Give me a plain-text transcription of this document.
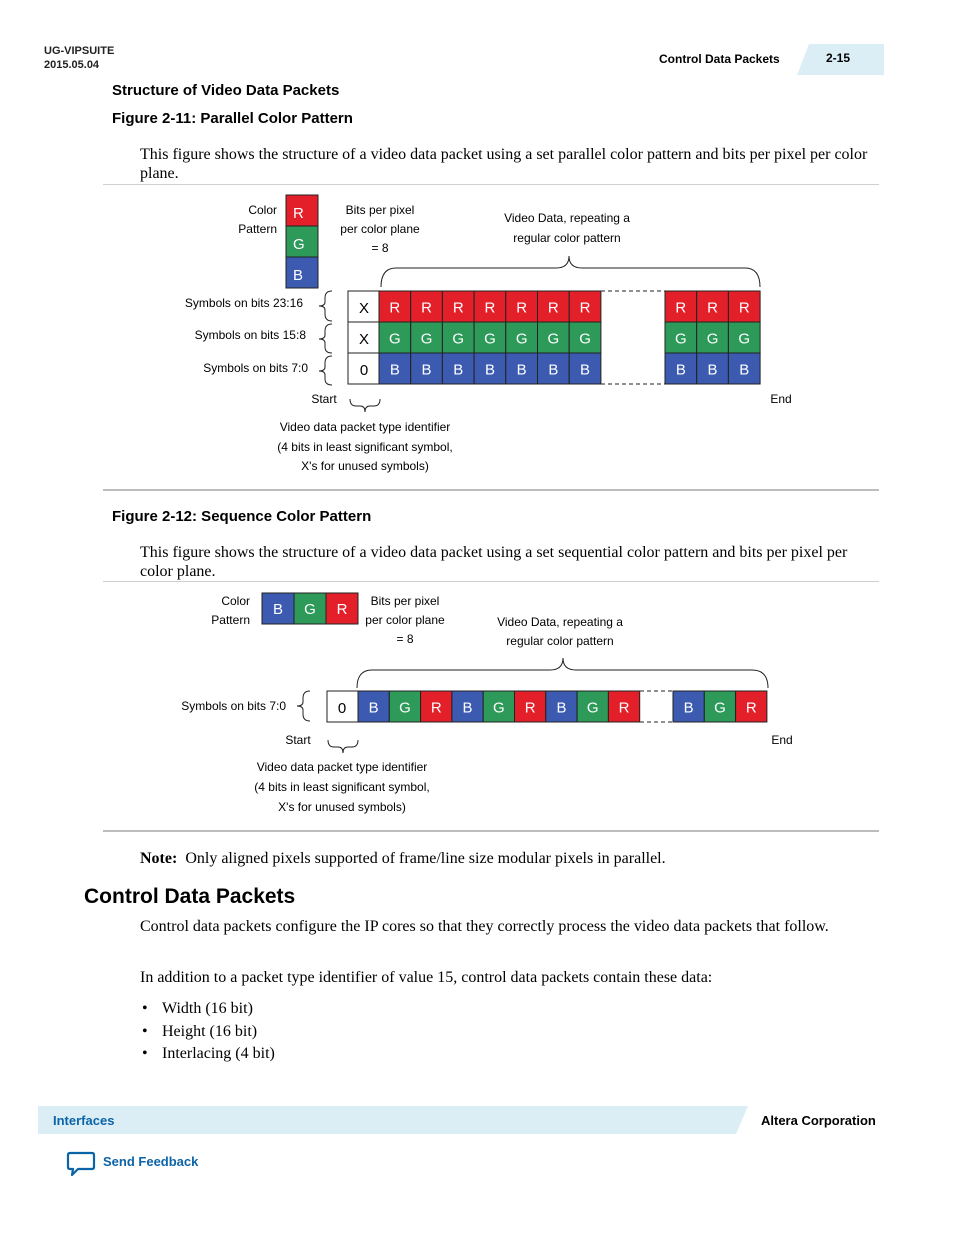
UG-VIPSUITE
2015.05.04	Control Data Packets	2-15
Structure of Video Data Packets
Figure 2-11: Parallel Color Pattern
This figure shows the structure of a video data packet using a set parallel color pattern and bits per pixel per color plane.
Color
Pattern
R
G
B
Bits per pixel
per color plane
= 8
Video Data, repeating a
regular color pattern
Symbols on bits 23:16
Symbols on bits 15:8
Symbols on bits 7:0
X
X
0
R R R R R R R	R R R
G G G G G G G	G G G
B B B B B B B	B B B
Start	End
Video data packet type identifier
(4 bits in least significant symbol,
X's for unused symbols)
Figure 2-12: Sequence Color Pattern
This figure shows the structure of a video data packet using a set sequential color pattern and bits per pixel per color plane.
Color
Pattern
B G R Bits per pixel
per color plane
= 8
Video Data, repeating a
regular color pattern
Symbols on bits 7:0	0 B G R B G R B G R	B G R
Start	End
Video data packet type identifier
(4 bits in least significant symbol,
X's for unused symbols)
Note: Only aligned pixels supported of frame/line size modular pixels in parallel.
Control Data Packets
Control data packets configure the IP cores so that they correctly process the video data packets that follow.
In addition to a packet type identifier of value 15, control data packets contain these data:
• Width (16 bit)
• Height (16 bit)
• Interlacing (4 bit)
Interfaces	Altera Corporation
Send Feedback
